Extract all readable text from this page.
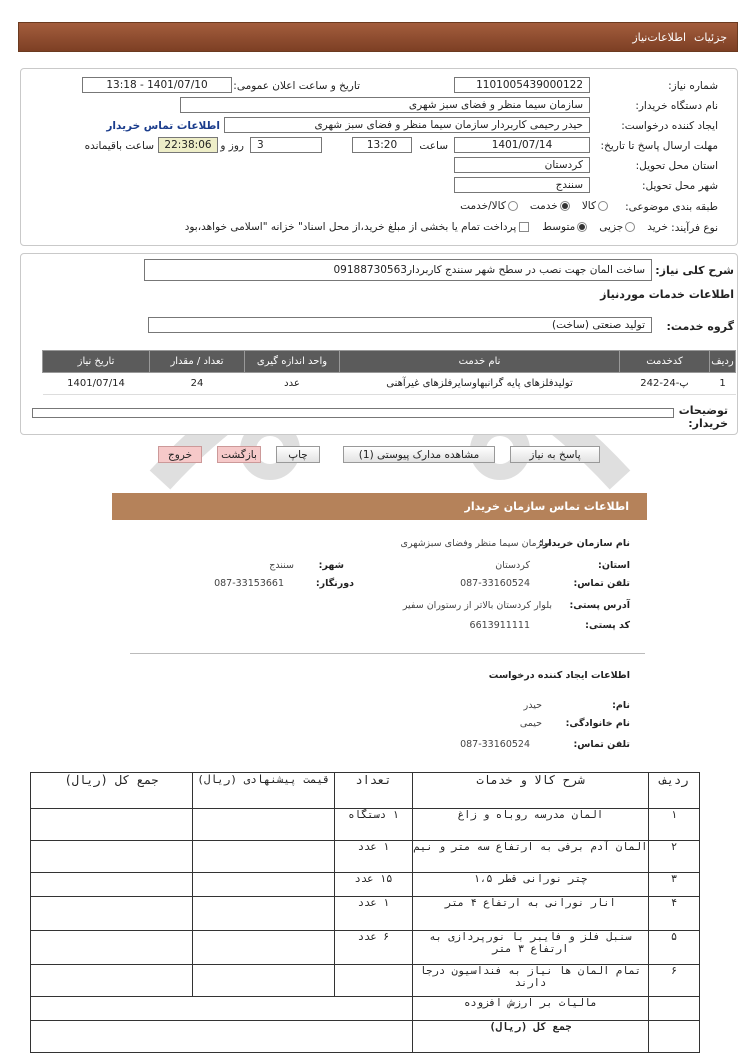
جزئیات
اطلاعات‌نیاز
شماره نیاز:
1101005439000122
تاریخ و ساعت اعلان عمومی:
1401/07/10 - 13:18
نام دستگاه خریدار:
سازمان سیما منظر و فضای سبز شهری
ایجاد کننده درخواست:
حیدر رحیمی کاربردار سازمان سیما منظر و فضای سبز شهری
اطلاعات تماس خریدار
مهلت ارسال پاسخ تا تاریخ:
1401/07/14
ساعت
13:20
3
روز و
22:38:06
ساعت باقیمانده
استان محل تحویل:
کردستان
شهر محل تحویل:
سنندج
طبقه بندی موضوعی:
کالا   خدمت   کالا/خدمت
نوع فرآیند:
خرید   جزیی   متوسط   پرداخت تمام یا بخشی از مبلغ خرید،از محل اسناد" خزانه "اسلامی خواهد،بود
شرح کلی نیاز:
ساخت المان جهت نصب در سطح شهر سنندج کاربردار09188730563
اطلاعات خدمات موردنیاز
گروه خدمت:
تولید صنعتی (ساخت)
ردیف	کدخدمت	نام خدمت	واحد اندازه گیری	تعداد / مقدار	تاریخ نیاز
1	پ-24-242	تولیدفلزهای پایه گرانبهاوسایرفلزهای غیرآهنی	عدد	24	1401/07/14
توضیحات خریدار:
پاسخ به نیاز
مشاهده مدارک پیوستی (1)
چاپ
بازگشت
خروج
اطلاعات تماس سازمان خریدار
نام سازمان خریدار:
سازمان سیما منظر وفضای سبزشهری
استان:
کردستان
شهر:
سنندج
تلفن تماس:
087-33160524
دورنگار:
087-33153661
آدرس پستی:
بلوار کردستان بالاتر از رستوران سفیر
کد پستی:
6613911111
اطلاعات ایجاد کننده درخواست
نام:
حیدر
نام خانوادگی:
حیمی
تلفن تماس:
087-33160524
ردیف	شرح کالا و خدمات	تعداد	قیمت پیشنهادی (ریال)	جمع کل (ریال)
۱	المان مدرسه روباه و زاغ	۱ دستگاه		
۲	المان آدم برفی به ارتفاع سه متر و نیم	۱ عدد		
۳	چتر نورانی قطر ۱،۵	۱۵ عدد		
۴	انار نورانی به ارتفاع ۴ متر	۱ عدد		
۵	سنبل فلز و فایبر با نورپردازی به ارتفاع ۳ متر	۶ عدد		
۶	تمام المان ها نیاز به فنداسیون درجا دارند			
	مالیات بر ارزش افزوده			
	جمع کل (ریال)			
